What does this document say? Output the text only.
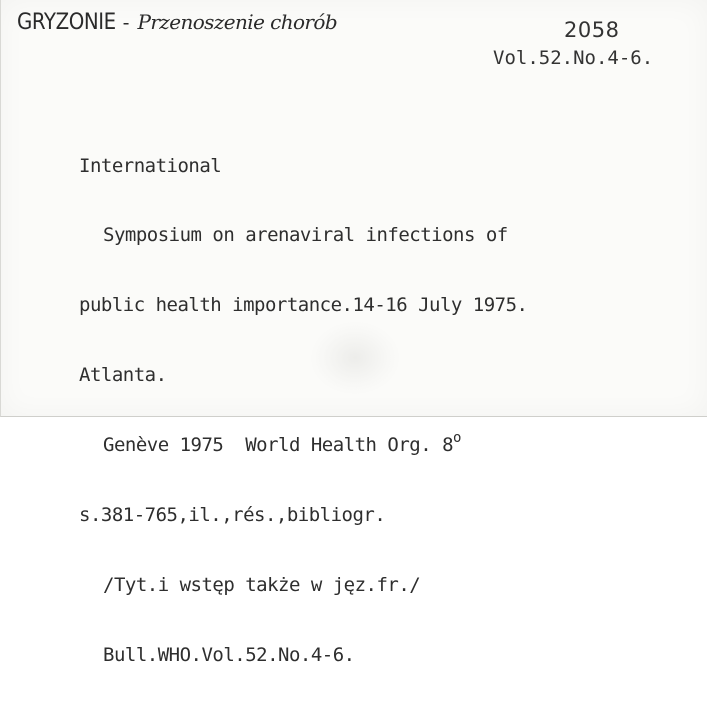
GRYZONIE - Przenoszenie chorób	2058
Vol.52.No.4-6.

International

Symposium on arenaviral infections of

public health importance.14-16 July 1975.

Atlanta.

Genève 1975  World Health Org. 8$^o$

s.381-765,il.,rés.,bibliogr.

/Tyt.i wstęp także w jęz.fr./

Bull.WHO.Vol.52.No.4-6.
